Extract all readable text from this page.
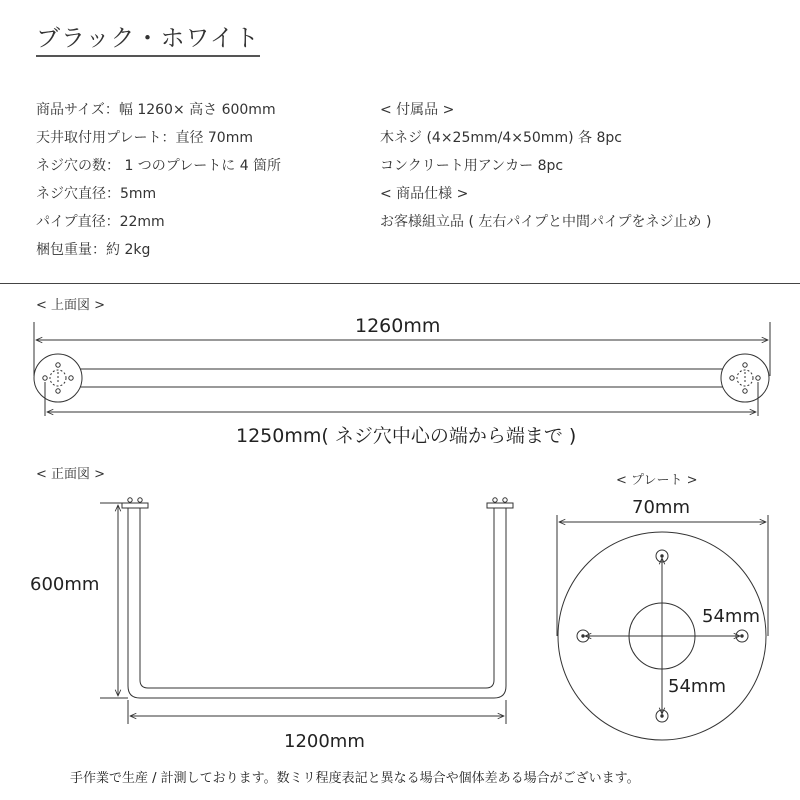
ブラック・ホワイト
商品サイズ：幅 1260× 高さ 600mm
天井取付用プレート：直径 70mm
ネジ穴の数： 1 つのプレートに 4 箇所
ネジ穴直径：5mm
パイプ直径：22mm
梱包重量：約 2kg
< 付属品 >
木ネジ (4×25mm/4×50mm) 各 8pc
コンクリート用アンカー 8pc
< 商品仕様 >
お客様組立品 ( 左右パイプと中間パイプをネジ止め )
< 上面図 >
1260mm
1250mm( ネジ穴中心の端から端まで )
< 正面図 >
600mm
1200mm
< プレート >
70mm
54mm
54mm
手作業で生産 / 計測しております。数ミリ程度表記と異なる場合や個体差ある場合がございます。
